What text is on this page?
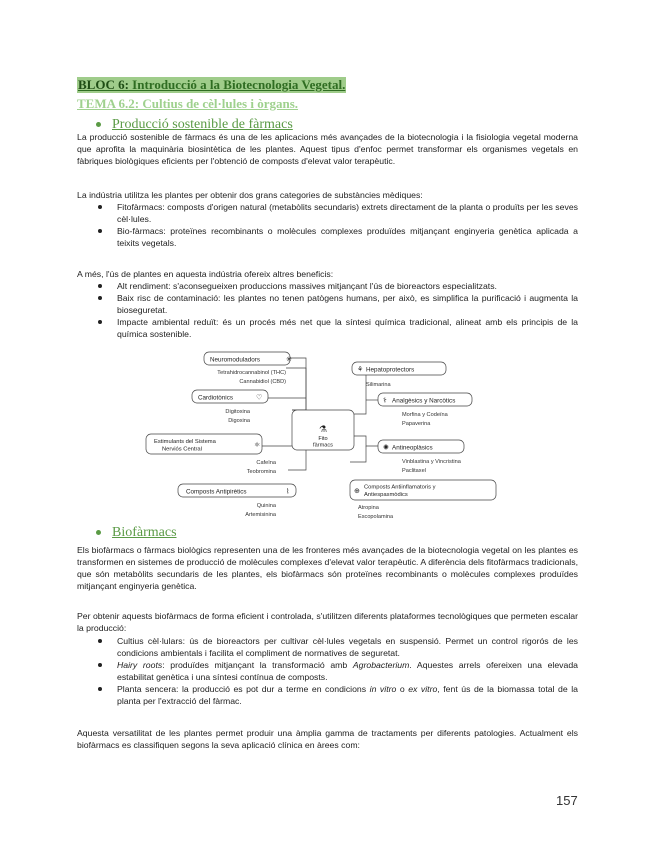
BLOC 6: Introducció a la Biotecnologia Vegetal.
TEMA 6.2: Cultius de cèl·lules i òrgans.
Producció sostenible de fàrmacs

La producció sostenible de fàrmacs és una de les aplicacions més avançades de la biotecnologia i la fisiologia vegetal moderna que aprofita la maquinària biosintètica de les plantes. Aquest tipus d'enfoc permet transformar els organismes vegetals en fàbriques biològiques eficients per l'obtenció de composts d'elevat valor terapèutic.

La indústria utilitza les plantes per obtenir dos grans categories de substàncies mèdiques:

Fitofàrmacs: composts d'origen natural (metabòlits secundaris) extrets directament de la planta o produïts per les seves cèl·lules.
Bio-fàrmacs: proteïnes recombinants o molècules complexes produïdes mitjançant enginyeria genètica aplicada a teixits vegetals.

A més, l'ús de plantes en aquesta indústria ofereix altres beneficis:

Alt rendiment: s'aconsegueixen produccions massives mitjançant l'ús de bioreactors especialitzats.
Baix risc de contaminació: les plantes no tenen patògens humans, per això, es simplifica la purificació i augmenta la bioseguretat.
Impacte ambiental reduït: és un procés més net que la síntesi química tradicional, alineat amb els principis de la química sostenible.
Neuromoduladors	✳
Tetrahidrocannabinol (THC)
Cannabidiol (CBD)
Cardiotònics	♡
Digitoxina
Digoxina
Estimulants del Sistema
Nerviós Central
⚛
Cafeïna
Teobromina
Composts Antipirètics	⌇
Quinina
Artemisinina
⚗
Fito
fàrmacs
⚘ Hepatoprotectors
Silimarina
⚕ Analgèsics y Narcòtics
Morfina y Codeïna
Papaverina
✺ Antineoplàsics
Vinblastina y Vincristina
Paclitaxel
⊕
Composts Antiinflamatoris y
Antiespasmòdics
Atropina
Escopolamina
Biofàrmacs

Els biofàrmacs o fàrmacs biològics representen una de les fronteres més avançades de la biotecnologia vegetal on les plantes es transformen en sistemes de producció de molècules complexes d'elevat valor terapèutic. A diferència dels fitofàrmacs tradicionals, que són metabòlits secundaris de les plantes, els biofàrmacs són proteïnes recombinants o molècules complexes produïdes mitjançant enginyeria genètica.

Per obtenir aquests biofàrmacs de forma eficient i controlada, s'utilitzen diferents plataformes tecnològiques que permeten escalar la producció:

Cultius cèl·lulars: ús de bioreactors per cultivar cèl·lules vegetals en suspensió. Permet un control rigorós de les condicions ambientals i facilita el compliment de normatives de seguretat.
Hairy roots: produïdes mitjançant la transformació amb Agrobacterium. Aquestes arrels ofereixen una elevada estabilitat genètica i una síntesi contínua de composts.
Planta sencera: la producció es pot dur a terme en condicions in vitro o ex vitro, fent ús de la biomassa total de la planta per l'extracció del fàrmac.

Aquesta versatilitat de les plantes permet produir una àmplia gamma de tractaments per diferents patologies. Actualment els biofàrmacs es classifiquen segons la seva aplicació clínica en àrees com:

157
